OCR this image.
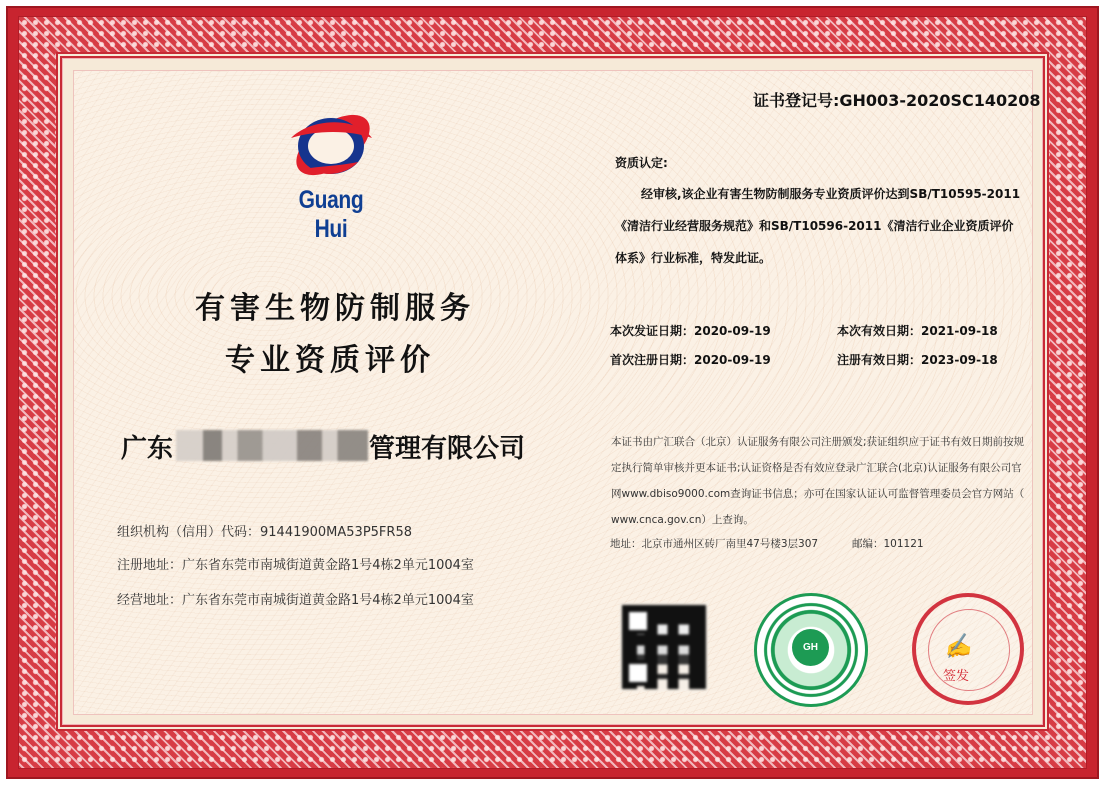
证书登记号:GH003-2020SC140208
Guang Hui
有害生物防制服务
专业资质评价
广东	管理有限公司
组织机构（信用）代码：91441900MA53P5FR58
注册地址：广东省东莞市南城街道黄金路1号4栋2单元1004室
经营地址：广东省东莞市南城街道黄金路1号4栋2单元1004室
资质认定:
经审核,该企业有害生物防制服务专业资质评价达到SB/T10595-2011
《清洁行业经营服务规范》和SB/T10596-2011《清洁行业企业资质评价
体系》行业标准，特发此证。
本次发证日期：2020-09-19	本次有效日期：2021-09-18
首次注册日期：2020-09-19	注册有效日期：2023-09-18
本证书由广汇联合（北京）认证服务有限公司注册颁发;获证组织应于证书有效日期前按规
定执行简单审核并更本证书;认证资格是否有效应登录广汇联合(北京)认证服务有限公司官
网www.dbiso9000.com查询证书信息；亦可在国家认证认可监督管理委员会官方网站（
www.cnca.gov.cn）上查询。
地址：北京市通州区砖厂南里47号楼3层307	邮编：101121
GH	✍
签发
